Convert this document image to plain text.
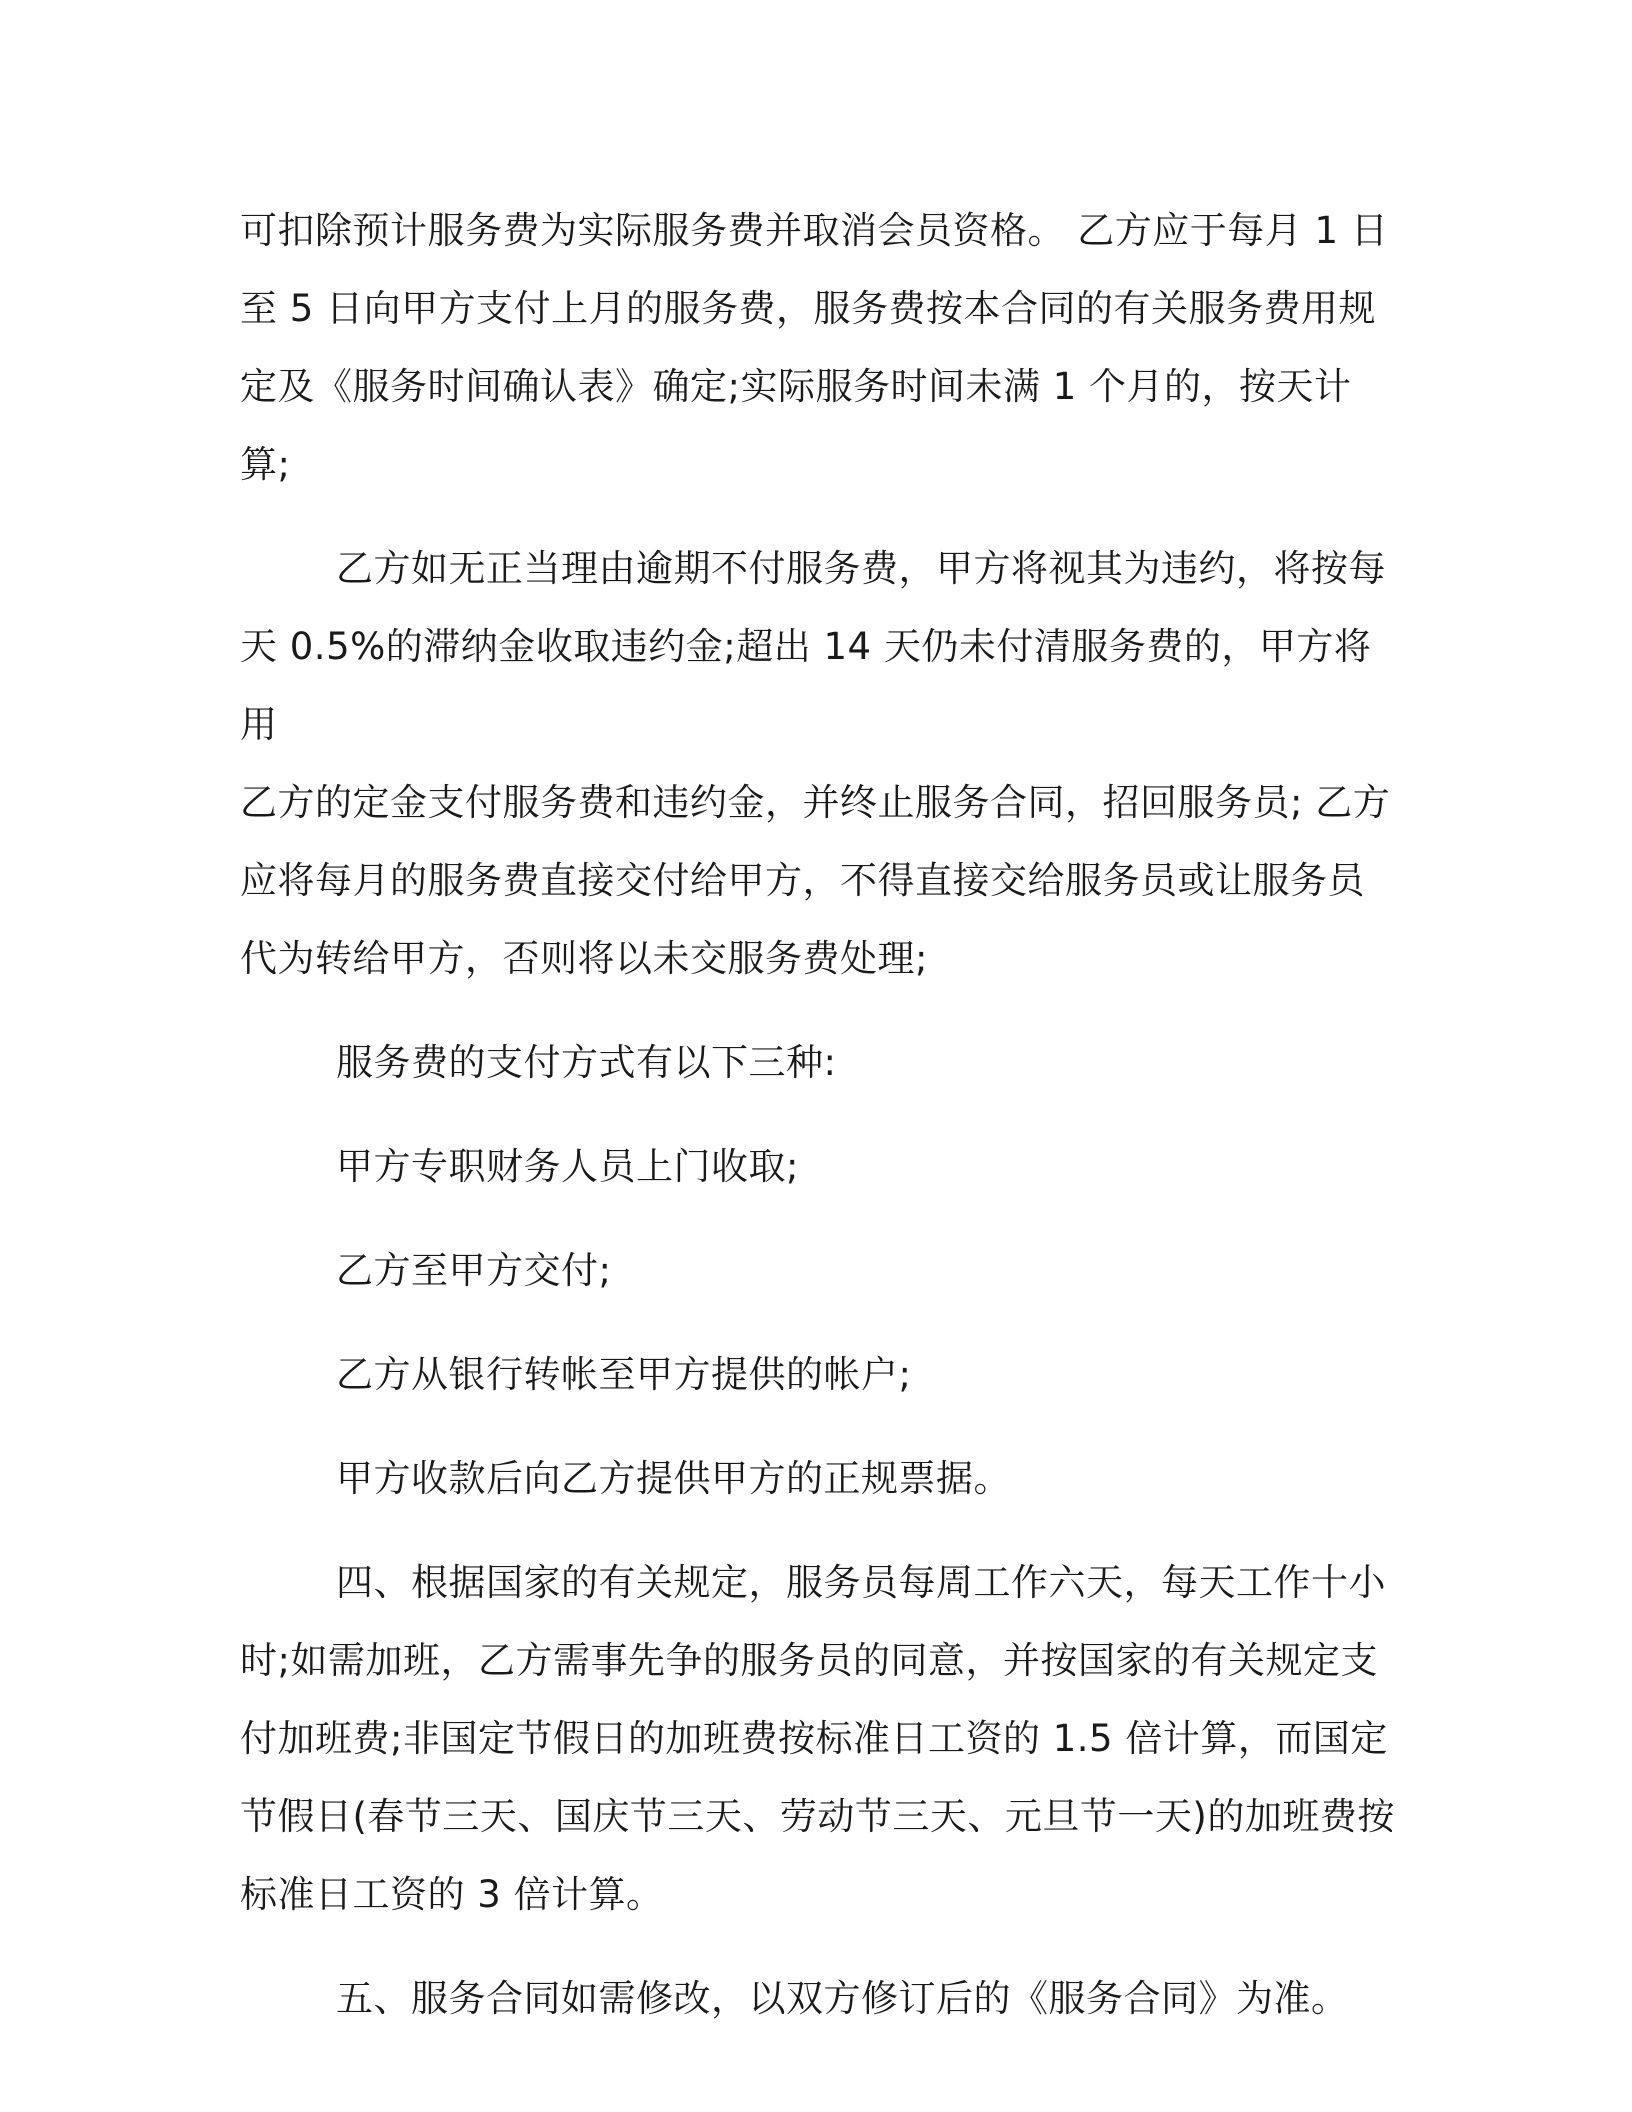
可扣除预计服务费为实际服务费并取消会员资格。 乙方应于每月 1 日
至 5 日向甲方支付上月的服务费，服务费按本合同的有关服务费用规
定及《服务时间确认表》确定;实际服务时间未满 1 个月的，按天计算;

乙方如无正当理由逾期不付服务费，甲方将视其为违约，将按每
天 0.5%的滞纳金收取违约金;超出 14 天仍未付清服务费的，甲方将用
乙方的定金支付服务费和违约金，并终止服务合同，招回服务员; 乙方
应将每月的服务费直接交付给甲方，不得直接交给服务员或让服务员
代为转给甲方，否则将以未交服务费处理;

服务费的支付方式有以下三种:

甲方专职财务人员上门收取;

乙方至甲方交付;

乙方从银行转帐至甲方提供的帐户;

甲方收款后向乙方提供甲方的正规票据。

四、根据国家的有关规定，服务员每周工作六天，每天工作十小
时;如需加班，乙方需事先争的服务员的同意，并按国家的有关规定支
付加班费;非国定节假日的加班费按标准日工资的 1.5 倍计算，而国定
节假日(春节三天、国庆节三天、劳动节三天、元旦节一天)的加班费按
标准日工资的 3 倍计算。

五、服务合同如需修改，以双方修订后的《服务合同》为准。
